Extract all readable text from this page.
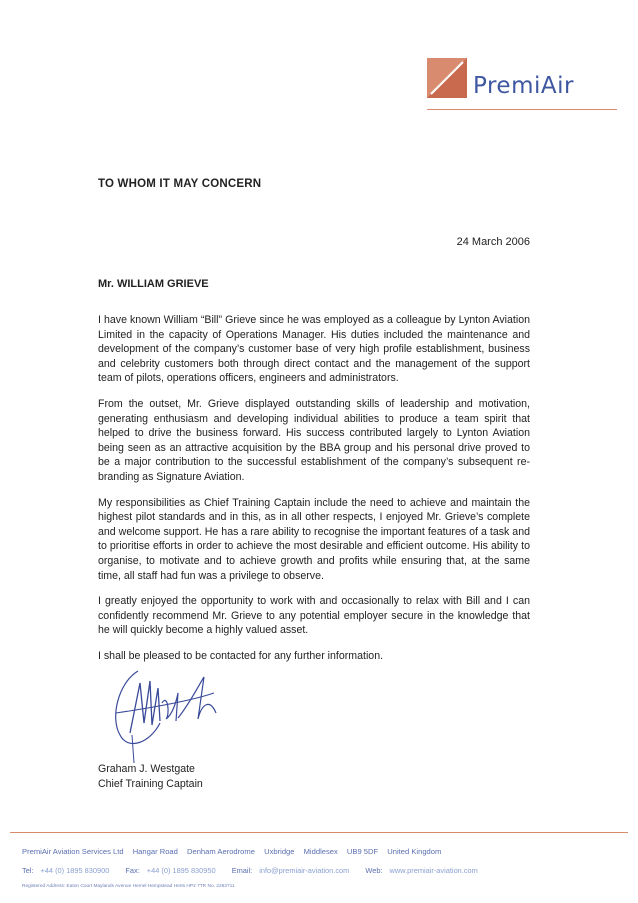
PremiAir
TO WHOM IT MAY CONCERN
24 March 2006
Mr. WILLIAM GRIEVE

I have known William “Bill” Grieve since he was employed as a colleague by Lynton Aviation Limited in the capacity of Operations Manager. His duties included the maintenance and development of the company’s customer base of very high profile establishment, business and celebrity customers both through direct contact and the management of the support team of pilots, operations officers, engineers and administrators.

From the outset, Mr. Grieve displayed outstanding skills of leadership and motivation, generating enthusiasm and developing individual abilities to produce a team spirit that helped to drive the business forward. His success contributed largely to Lynton Aviation being seen as an attractive acquisition by the BBA group and his personal drive proved to be a major contribution to the successful establishment of the company’s subsequent re-branding as Signature Aviation.

My responsibilities as Chief Training Captain include the need to achieve and maintain the highest pilot standards and in this, as in all other respects, I enjoyed Mr. Grieve’s complete and welcome support. He has a rare ability to recognise the important features of a task and to prioritise efforts in order to achieve the most desirable and efficient outcome. His ability to organise, to motivate and to achieve growth and profits while ensuring that, at the same time, all staff had fun was a privilege to observe.

I greatly enjoyed the opportunity to work with and occasionally to relax with Bill and I can confidently recommend Mr. Grieve to any potential employer secure in the knowledge that he will quickly become a highly valued asset.

I shall be pleased to be contacted for any further information.

Graham J. Westgate
Chief Training Captain
PremiAir Aviation Services Ltd Hangar Road Denham Aerodrome Uxbridge Middlesex UB9 5DF United Kingdom
Tel: +44 (0) 1895 830900 Fax: +44 (0) 1895 830950 Email: info@premiair-aviation.com Web: www.premiair-aviation.com
Registered Address: Eaton Court Maylands Avenue Hemel Hempstead Herts HP2 7TR No. 2263711
